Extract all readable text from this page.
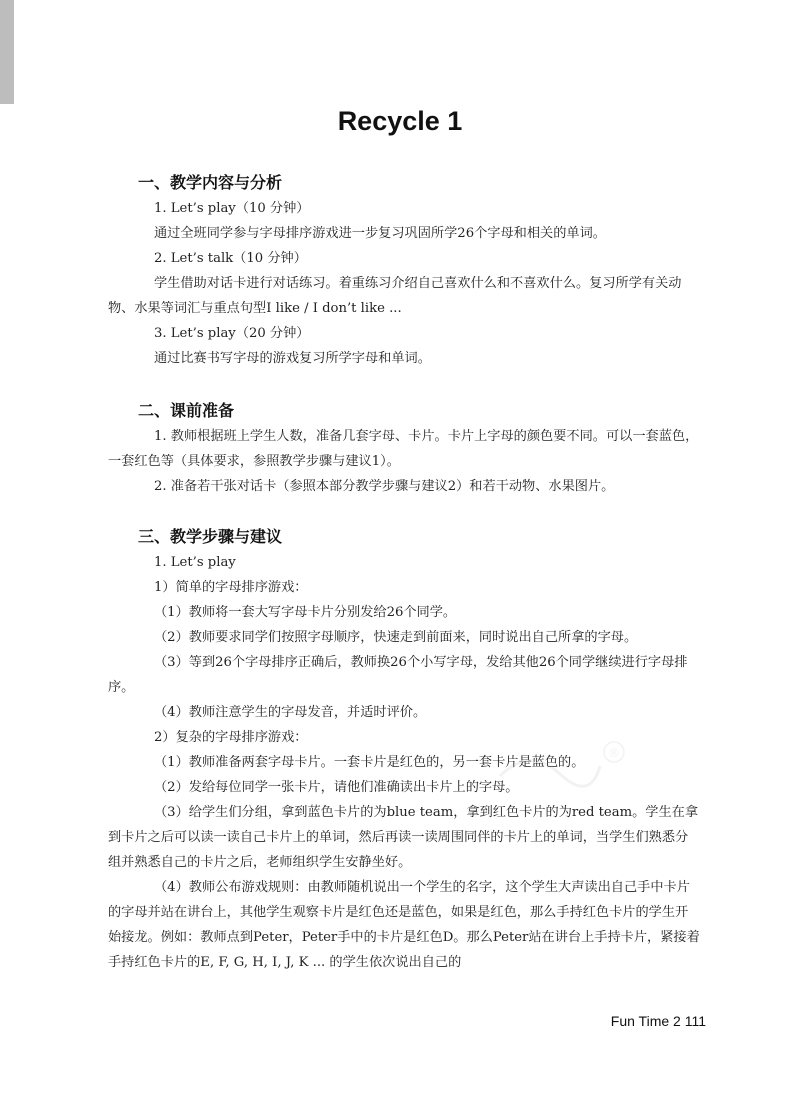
Recycle 1
一、教学内容与分析

1. Let’s play（10 分钟）

通过全班同学参与字母排序游戏进一步复习巩固所学26个字母和相关的单词。

2. Let’s talk（10 分钟）

学生借助对话卡进行对话练习。着重练习介绍自己喜欢什么和不喜欢什么。复习所学有关动物、水果等词汇与重点句型I like / I don’t like ...

3. Let’s play（20 分钟）

通过比赛书写字母的游戏复习所学字母和单词。

二、课前准备

1. 教师根据班上学生人数，准备几套字母、卡片。卡片上字母的颜色要不同。可以一套蓝色，一套红色等（具体要求，参照教学步骤与建议1）。

2. 准备若干张对话卡（参照本部分教学步骤与建议2）和若干动物、水果图片。

三、教学步骤与建议

1. Let’s play

1）简单的字母排序游戏：

（1）教师将一套大写字母卡片分别发给26个同学。

（2）教师要求同学们按照字母顺序，快速走到前面来，同时说出自己所拿的字母。

（3）等到26个字母排序正确后，教师换26个小写字母，发给其他26个同学继续进行字母排序。

（4）教师注意学生的字母发音，并适时评价。

2）复杂的字母排序游戏：

（1）教师准备两套字母卡片。一套卡片是红色的，另一套卡片是蓝色的。

（2）发给每位同学一张卡片，请他们准确读出卡片上的字母。

（3）给学生们分组，拿到蓝色卡片的为blue team，拿到红色卡片的为red team。学生在拿到卡片之后可以读一读自己卡片上的单词，然后再读一读周围同伴的卡片上的单词，当学生们熟悉分组并熟悉自己的卡片之后，老师组织学生安静坐好。

（4）教师公布游戏规则：由教师随机说出一个学生的名字，这个学生大声读出自己手中卡片的字母并站在讲台上，其他学生观察卡片是红色还是蓝色，如果是红色，那么手持红色卡片的学生开始接龙。例如：教师点到Peter，Peter手中的卡片是红色D。那么Peter站在讲台上手持卡片，紧接着手持红色卡片的E, F, G, H, I, J, K ... 的学生依次说出自己的

®
Fun Time 2 111
